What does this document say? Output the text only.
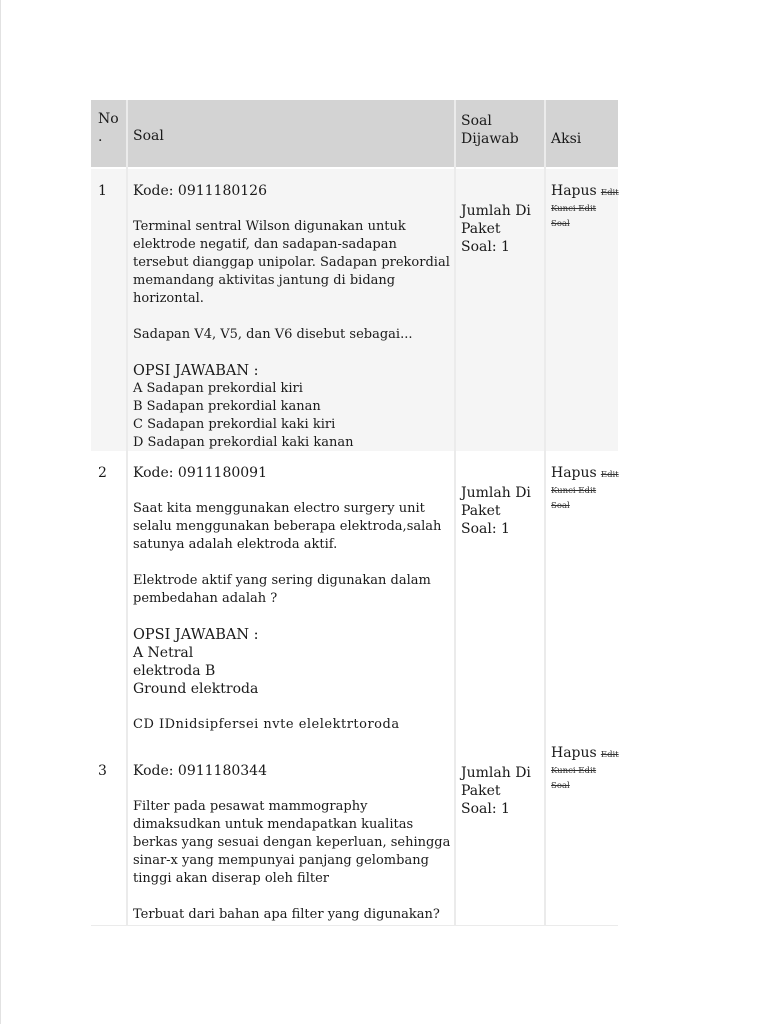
No
.	Soal
Soal
Dijawab	Aksi
1 Kode: 0911180126

Terminal sentral Wilson digunakan untuk elektrode negatif, dan sadapan-sadapan tersebut dianggap unipolar. Sadapan prekordial memandang aktivitas jantung di bidang horizontal.

Sadapan V4, V5, dan V6 disebut sebagai...

OPSI JAWABAN :

A Sadapan prekordial kiri

B Sadapan prekordial kanan

C Sadapan prekordial kaki kiri

D Sadapan prekordial kaki kanan

Jumlah Di Paket Soal: 1
Hapus Edit
Kunci Edit
Soal
2 Kode: 0911180091

Saat kita menggunakan electro surgery unit selalu menggunakan beberapa elektroda,salah satunya adalah elektroda aktif.

Elektrode aktif yang sering digunakan dalam pembedahan adalah ?

OPSI JAWABAN :

A Netral

elektroda B

Ground elektroda

CD IDnidsipfersei nvte elelektrtoroda

Jumlah Di Paket Soal: 1
Hapus Edit
Kunci Edit
Soal
3 Kode: 0911180344

Filter pada pesawat mammography dimaksudkan untuk mendapatkan kualitas berkas yang sesuai dengan keperluan, sehingga sinar-x yang mempunyai panjang gelombang tinggi akan diserap oleh filter

Terbuat dari bahan apa filter yang digunakan?

Jumlah Di Paket Soal: 1
Hapus Edit
Kunci Edit
Soal
